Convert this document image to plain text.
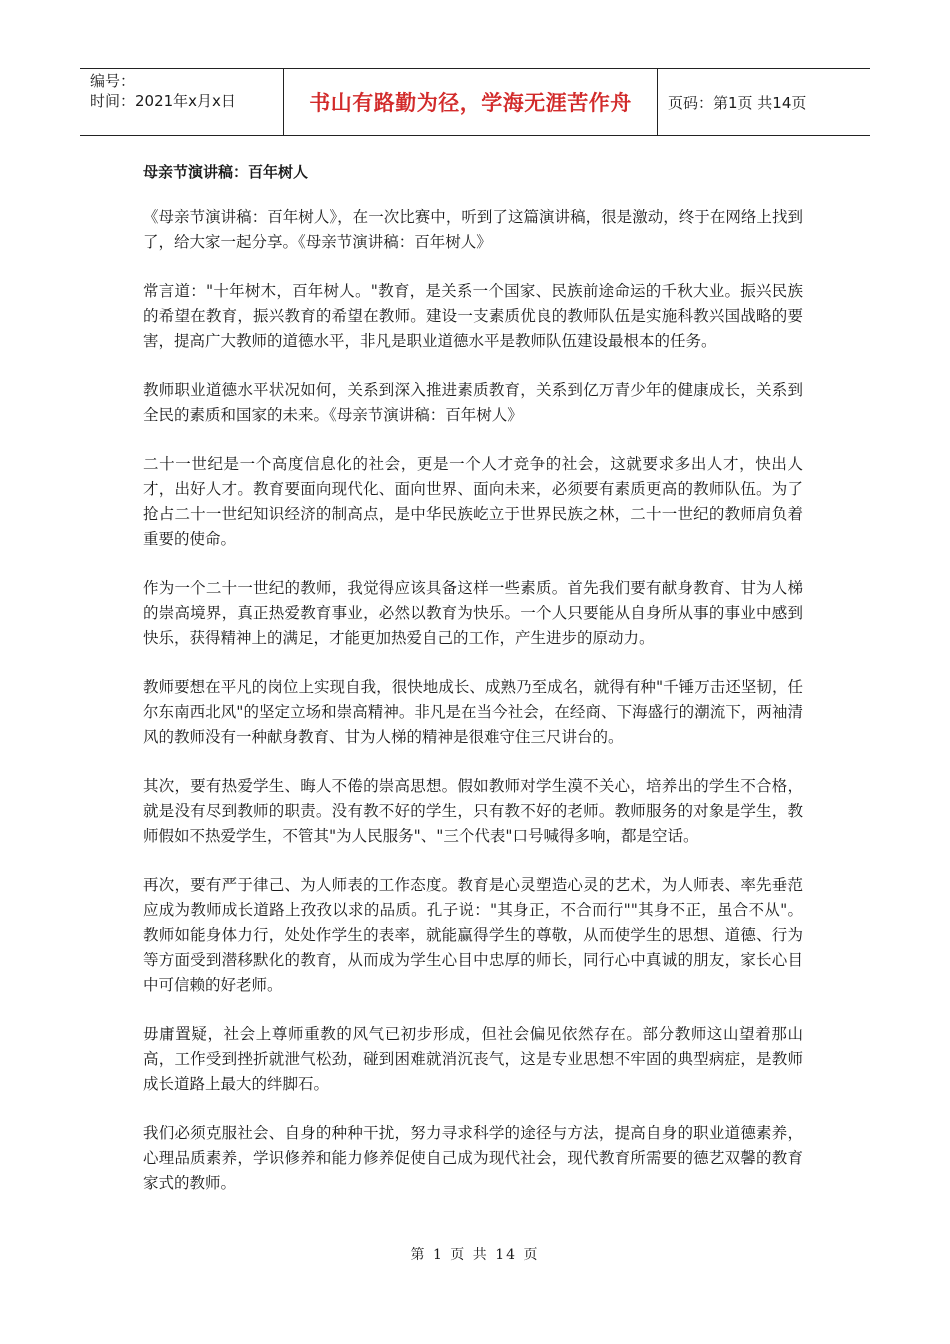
编号：
时间：2021年x月x日	书山有路勤为径，学海无涯苦作舟 页码：第1页 共14页
母亲节演讲稿：百年树人

《母亲节演讲稿：百年树人》，在一次比赛中，听到了这篇演讲稿，很是激动，终于在网络上找到了，给大家一起分享。《母亲节演讲稿：百年树人》

常言道："十年树木，百年树人。"教育，是关系一个国家、民族前途命运的千秋大业。振兴民族的希望在教育，振兴教育的希望在教师。建设一支素质优良的教师队伍是实施科教兴国战略的要害，提高广大教师的道德水平，非凡是职业道德水平是教师队伍建设最根本的任务。

教师职业道德水平状况如何，关系到深入推进素质教育，关系到亿万青少年的健康成长，关系到全民的素质和国家的未来。《母亲节演讲稿：百年树人》

二十一世纪是一个高度信息化的社会，更是一个人才竞争的社会，这就要求多出人才，快出人才，出好人才。教育要面向现代化、面向世界、面向未来，必须要有素质更高的教师队伍。为了抢占二十一世纪知识经济的制高点，是中华民族屹立于世界民族之林，二十一世纪的教师肩负着重要的使命。

作为一个二十一世纪的教师，我觉得应该具备这样一些素质。首先我们要有献身教育、甘为人梯的崇高境界，真正热爱教育事业，必然以教育为快乐。一个人只要能从自身所从事的事业中感到快乐，获得精神上的满足，才能更加热爱自己的工作，产生进步的原动力。

教师要想在平凡的岗位上实现自我，很快地成长、成熟乃至成名，就得有种"千锤万击还坚韧，任尔东南西北风"的坚定立场和崇高精神。非凡是在当今社会，在经商、下海盛行的潮流下，两袖清风的教师没有一种献身教育、甘为人梯的精神是很难守住三尺讲台的。

其次，要有热爱学生、晦人不倦的崇高思想。假如教师对学生漠不关心，培养出的学生不合格，就是没有尽到教师的职责。没有教不好的学生，只有教不好的老师。教师服务的对象是学生，教师假如不热爱学生，不管其"为人民服务"、"三个代表"口号喊得多响，都是空话。

再次，要有严于律己、为人师表的工作态度。教育是心灵塑造心灵的艺术，为人师表、率先垂范应成为教师成长道路上孜孜以求的品质。孔子说："其身正，不合而行""其身不正，虽合不从"。教师如能身体力行，处处作学生的表率，就能赢得学生的尊敬，从而使学生的思想、道德、行为等方面受到潜移默化的教育，从而成为学生心目中忠厚的师长，同行心中真诚的朋友，家长心目中可信赖的好老师。

毋庸置疑，社会上尊师重教的风气已初步形成，但社会偏见依然存在。部分教师这山望着那山高，工作受到挫折就泄气松劲，碰到困难就消沉丧气，这是专业思想不牢固的典型病症，是教师成长道路上最大的绊脚石。

我们必须克服社会、自身的种种干扰，努力寻求科学的途径与方法，提高自身的职业道德素养，心理品质素养，学识修养和能力修养促使自己成为现代社会，现代教育所需要的德艺双馨的教育家式的教师。

第 1 页 共 14 页
